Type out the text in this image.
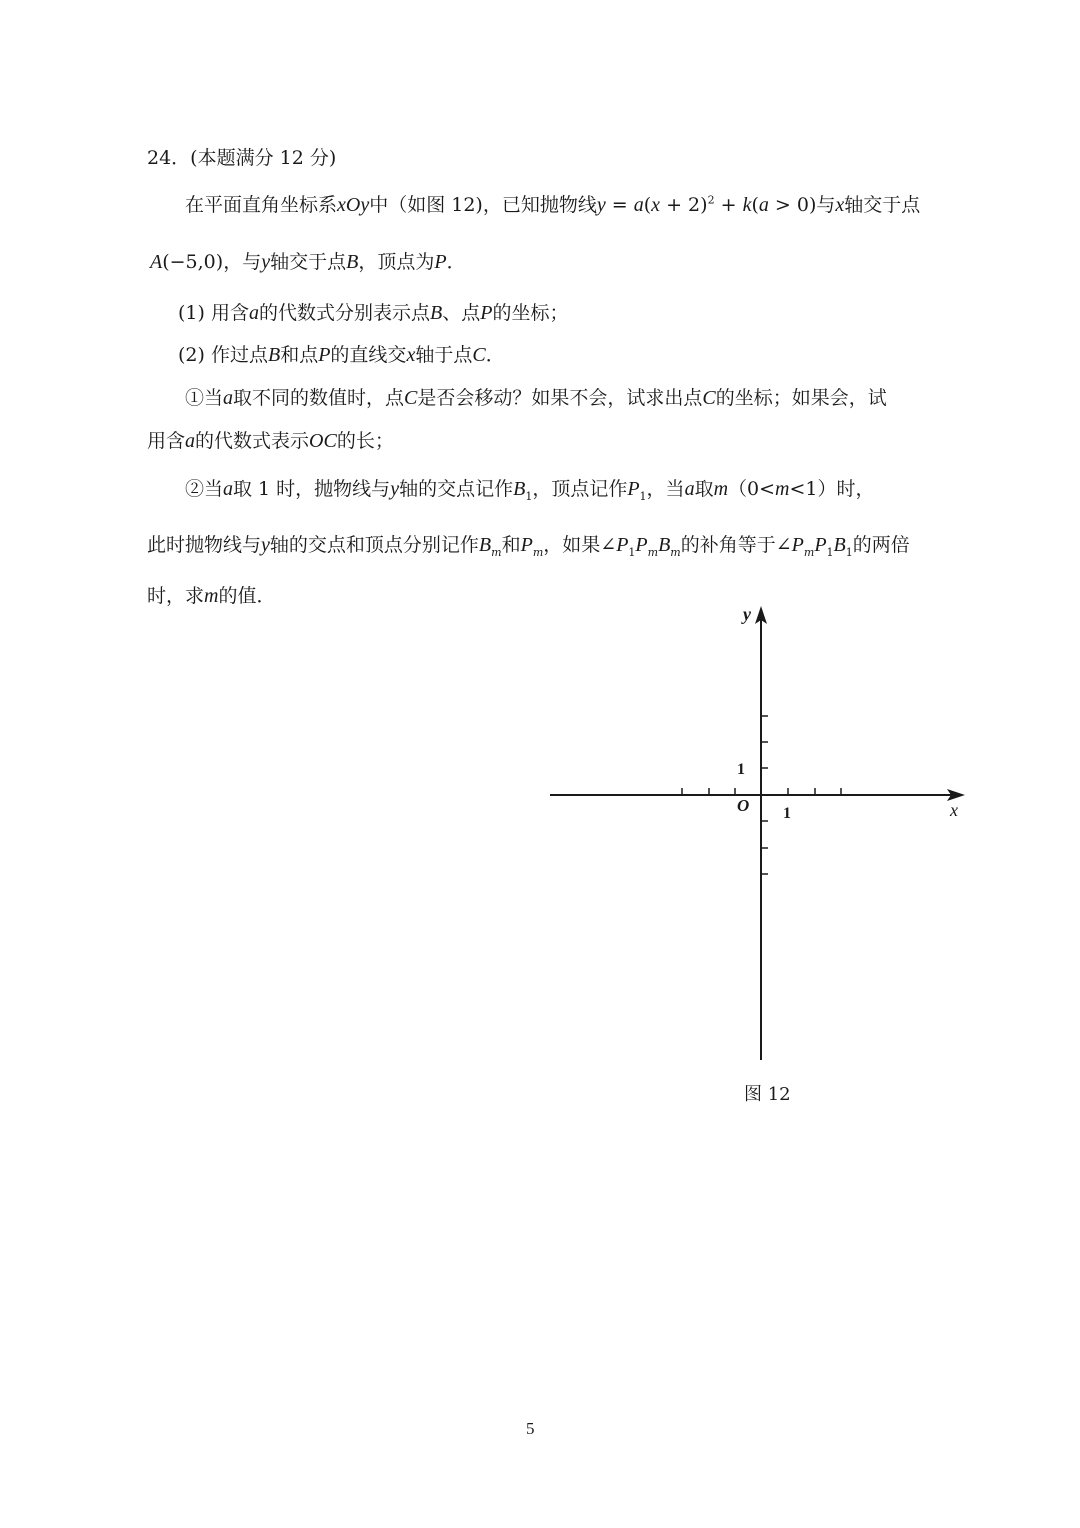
24．(本题满分 12 分)
在平面直角坐标系xOy中（如图 12)，已知抛物线$y = a(x + 2)^2 + k(a > 0)$与x轴交于点
A(−5,0)，与y轴交于点B，顶点为P．
(1) 用含a的代数式分别表示点B、点P的坐标；
(2) 作过点B和点P的直线交x轴于点C．
①当a取不同的数值时，点C是否会移动？如果不会，试求出点C的坐标；如果会，试
用含a的代数式表示OC的长；
②当a取 1 时，抛物线与y轴的交点记作$B_1$，顶点记作$P_1$，当a取m（0<m<1）时，
此时抛物线与y轴的交点和顶点分别记作$B_m$和$P_m$，如果$\angle P_1P_mB_m$的补角等于$\angle P_mP_1B_1$的两倍
时，求m的值．
y
x
O 1
1
图 12
5
